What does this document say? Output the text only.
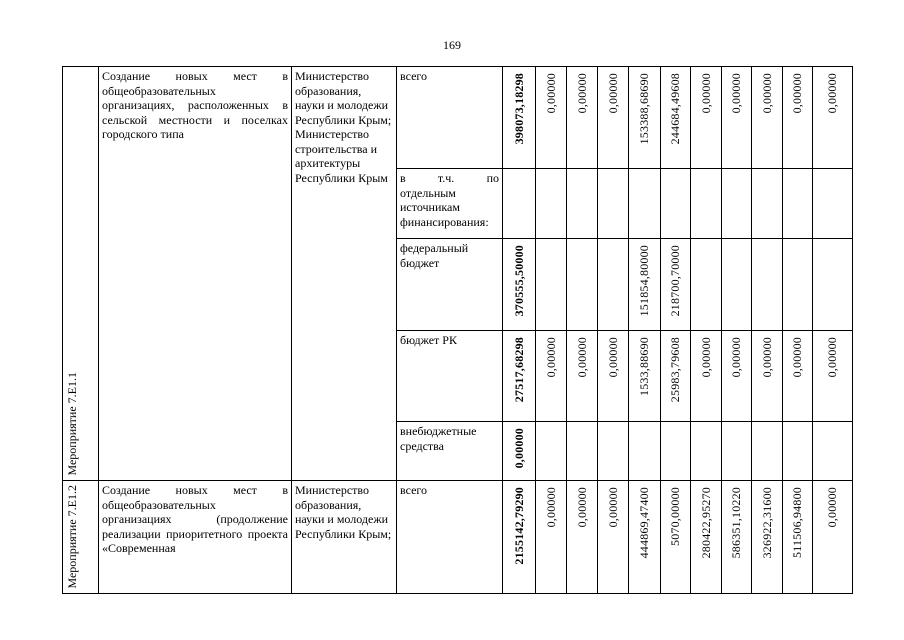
169
Мероприятие 7.Е1.1	Создание новых мест в общеобразовательных организациях, расположенных в сельской местности и поселках городского типа	Министерство образования, науки и молодежи Республики Крым; Министерство строительства и архитектуры Республики Крым	всего	398073,18298	0,00000	0,00000	0,00000	153388,68690	244684,49608	0,00000	0,00000	0,00000	0,00000	0,00000

			в т.ч. по отдельным источникам финансирования:	

			федеральный бюджет	370555,50000				151854,80000	218700,70000					

			бюджет РК	27517,68298	0,00000	0,00000	0,00000	1533,88690	25983,79608	0,00000	0,00000	0,00000	0,00000	0,00000

			внебюджетные средства	0,00000										

Мероприятие 7.Е1.2	Создание новых мест в общеобразовательных организациях (продолжение реализации приоритетного проекта «Современная	Министерство образования, науки и молодежи Республики Крым;	всего	2155142,79290	0,00000	0,00000	0,00000	444869,47400	5070,00000	280422,95270	586351,10220	326922,31600	511506,94800	0,00000
